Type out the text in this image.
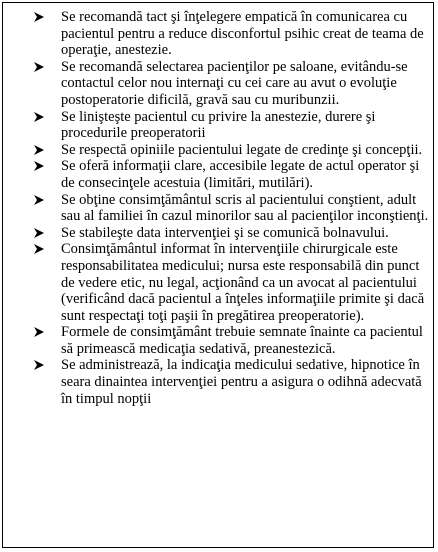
Se recomandă tact şi înţelegere empatică în comunicarea cu pacientul pentru a reduce disconfortul psihic creat de teama de operaţie, anestezie.
Se recomandă selectarea pacienţilor pe saloane, evitându-se contactul celor nou internaţi cu cei care au avut o evoluţie postoperatorie dificilă, gravă sau cu muribunzii.
Se linişteşte pacientul cu privire la anestezie, durere şi procedurile preoperatorii
Se respectă opiniile pacientului legate de credinţe şi concepţii.
Se oferă informaţii clare, accesibile legate de actul operator şi de consecinţele acestuia (limitări, mutilări).
Se obţine consimţământul scris al pacientului conştient, adult sau al familiei în cazul minorilor sau al pacienţilor inconştienţi.
Se stabileşte data intervenţiei şi se comunică bolnavului.
Consimţământul informat în intervenţiile chirurgicale este responsabilitatea medicului; nursa este responsabilă din punct de vedere etic, nu legal, acţionând ca un avocat al pacientului (verificând dacă pacientul a înţeles informaţiile primite şi dacă sunt respectaţi toţi paşii în pregătirea preoperatorie).
Formele de consimţământ trebuie semnate înainte ca pacientul să primească medicaţia sedativă, preanestezică.
Se administrează, la indicaţia medicului sedative, hipnotice în seara dinaintea intervenţiei pentru a asigura o odihnă adecvată în timpul nopţii
